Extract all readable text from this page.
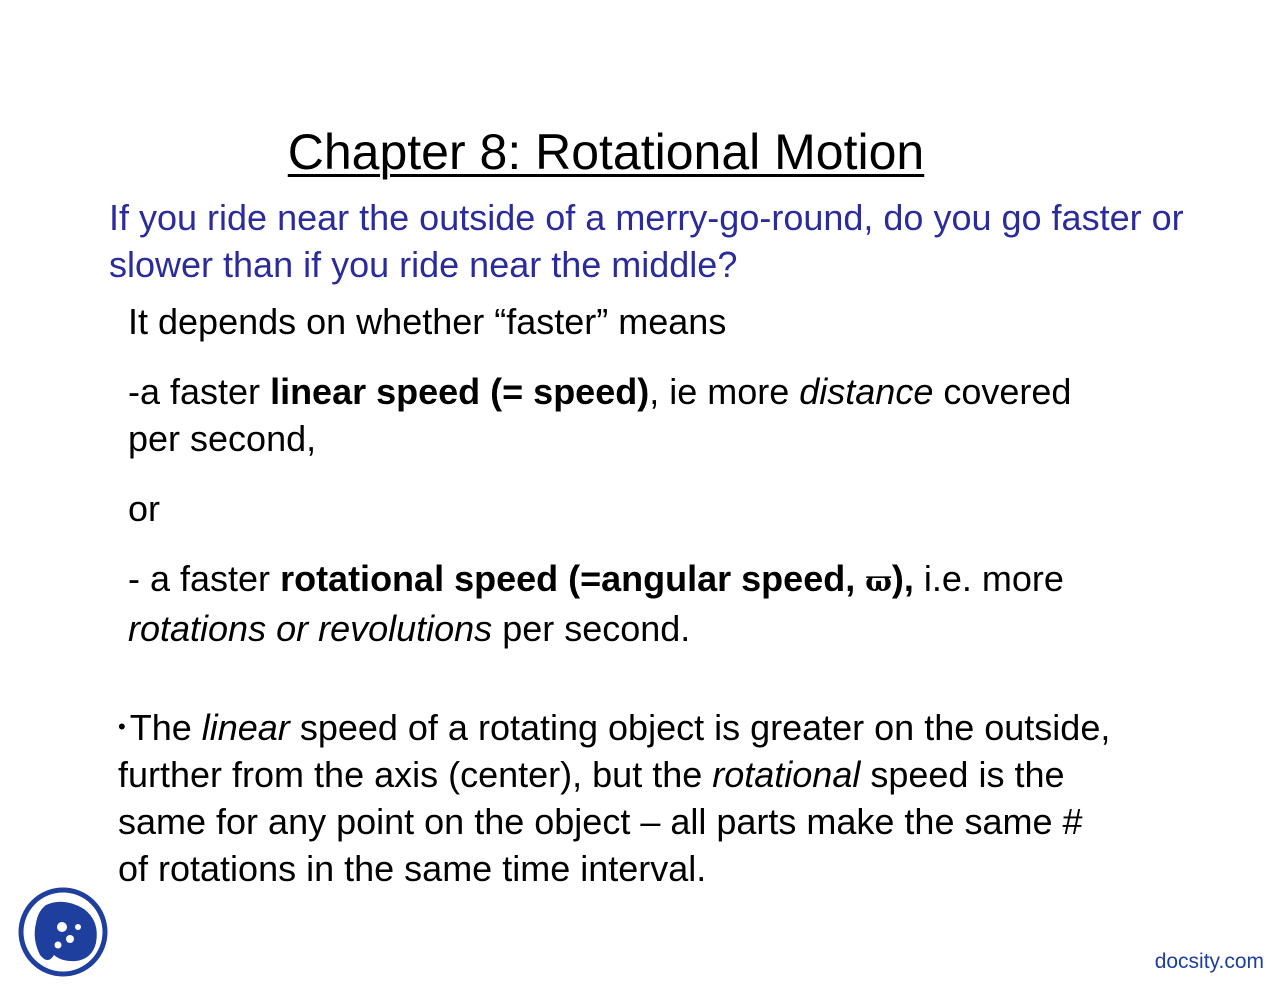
Chapter 8: Rotational Motion

If you ride near the outside of a merry-go-round, do you go faster or slower than if you ride near the middle?

It depends on whether “faster” means

-a faster linear speed (= speed), ie more distance covered per second,

or

- a faster rotational speed (=angular speed, ϖ), i.e. more rotations or revolutions per second.

• The linear speed of a rotating object is greater on the outside, further from the axis (center), but the rotational speed is the same for any point on the object – all parts make the same # of rotations in the same time interval.

docsity.com
